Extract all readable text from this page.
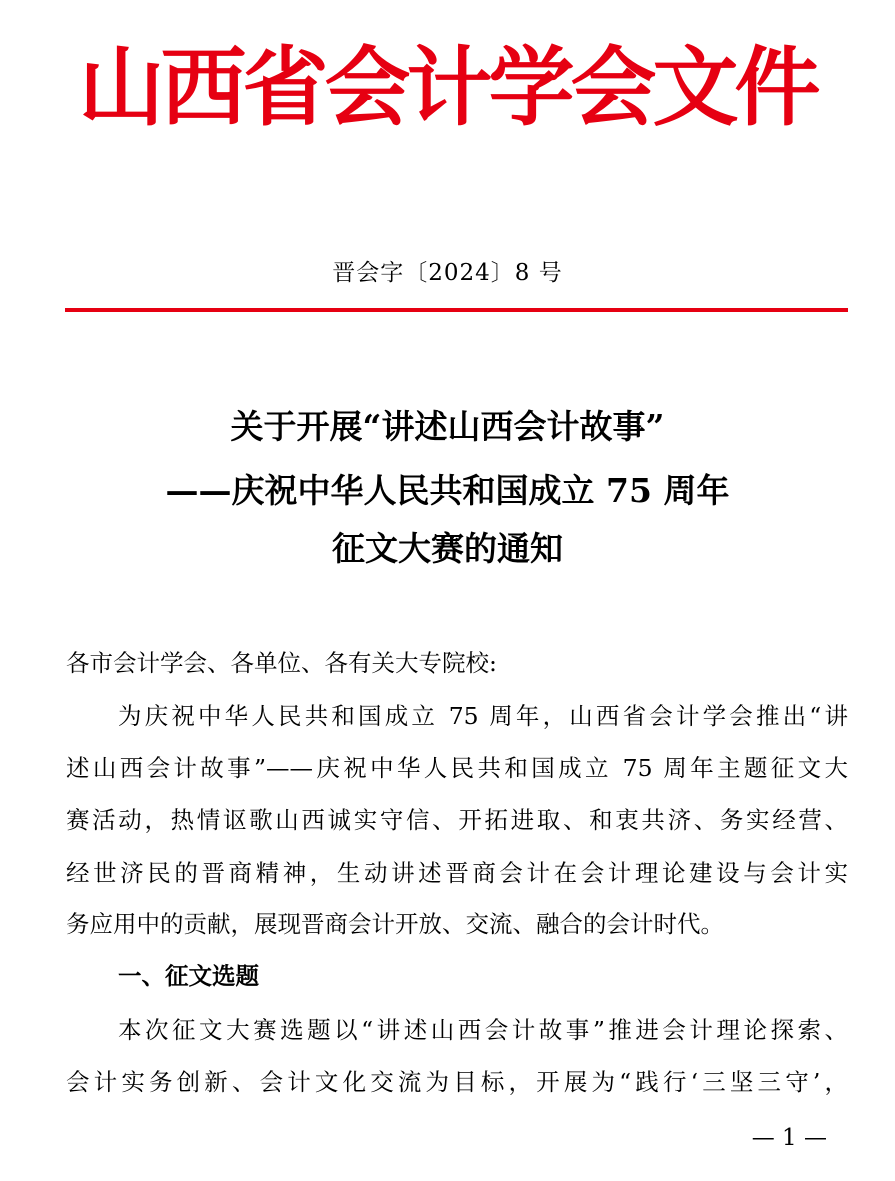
山西省会计学会文件
晋会字〔2024〕8 号
关于开展“讲述山西会计故事”
——庆祝中华人民共和国成立 75 周年
征文大赛的通知
各市会计学会、各单位、各有关大专院校:
为庆祝中华人民共和国成立 75 周年，山西省会计学会推出“讲
述山西会计故事”——庆祝中华人民共和国成立 75 周年主题征文大
赛活动，热情讴歌山西诚实守信、开拓进取、和衷共济、务实经营、
经世济民的晋商精神，生动讲述晋商会计在会计理论建设与会计实
务应用中的贡献，展现晋商会计开放、交流、融合的会计时代。
一、征文选题
本次征文大赛选题以“讲述山西会计故事”推进会计理论探索、
会计实务创新、会计文化交流为目标，开展为“践行‘三坚三守’，
— 1 —
